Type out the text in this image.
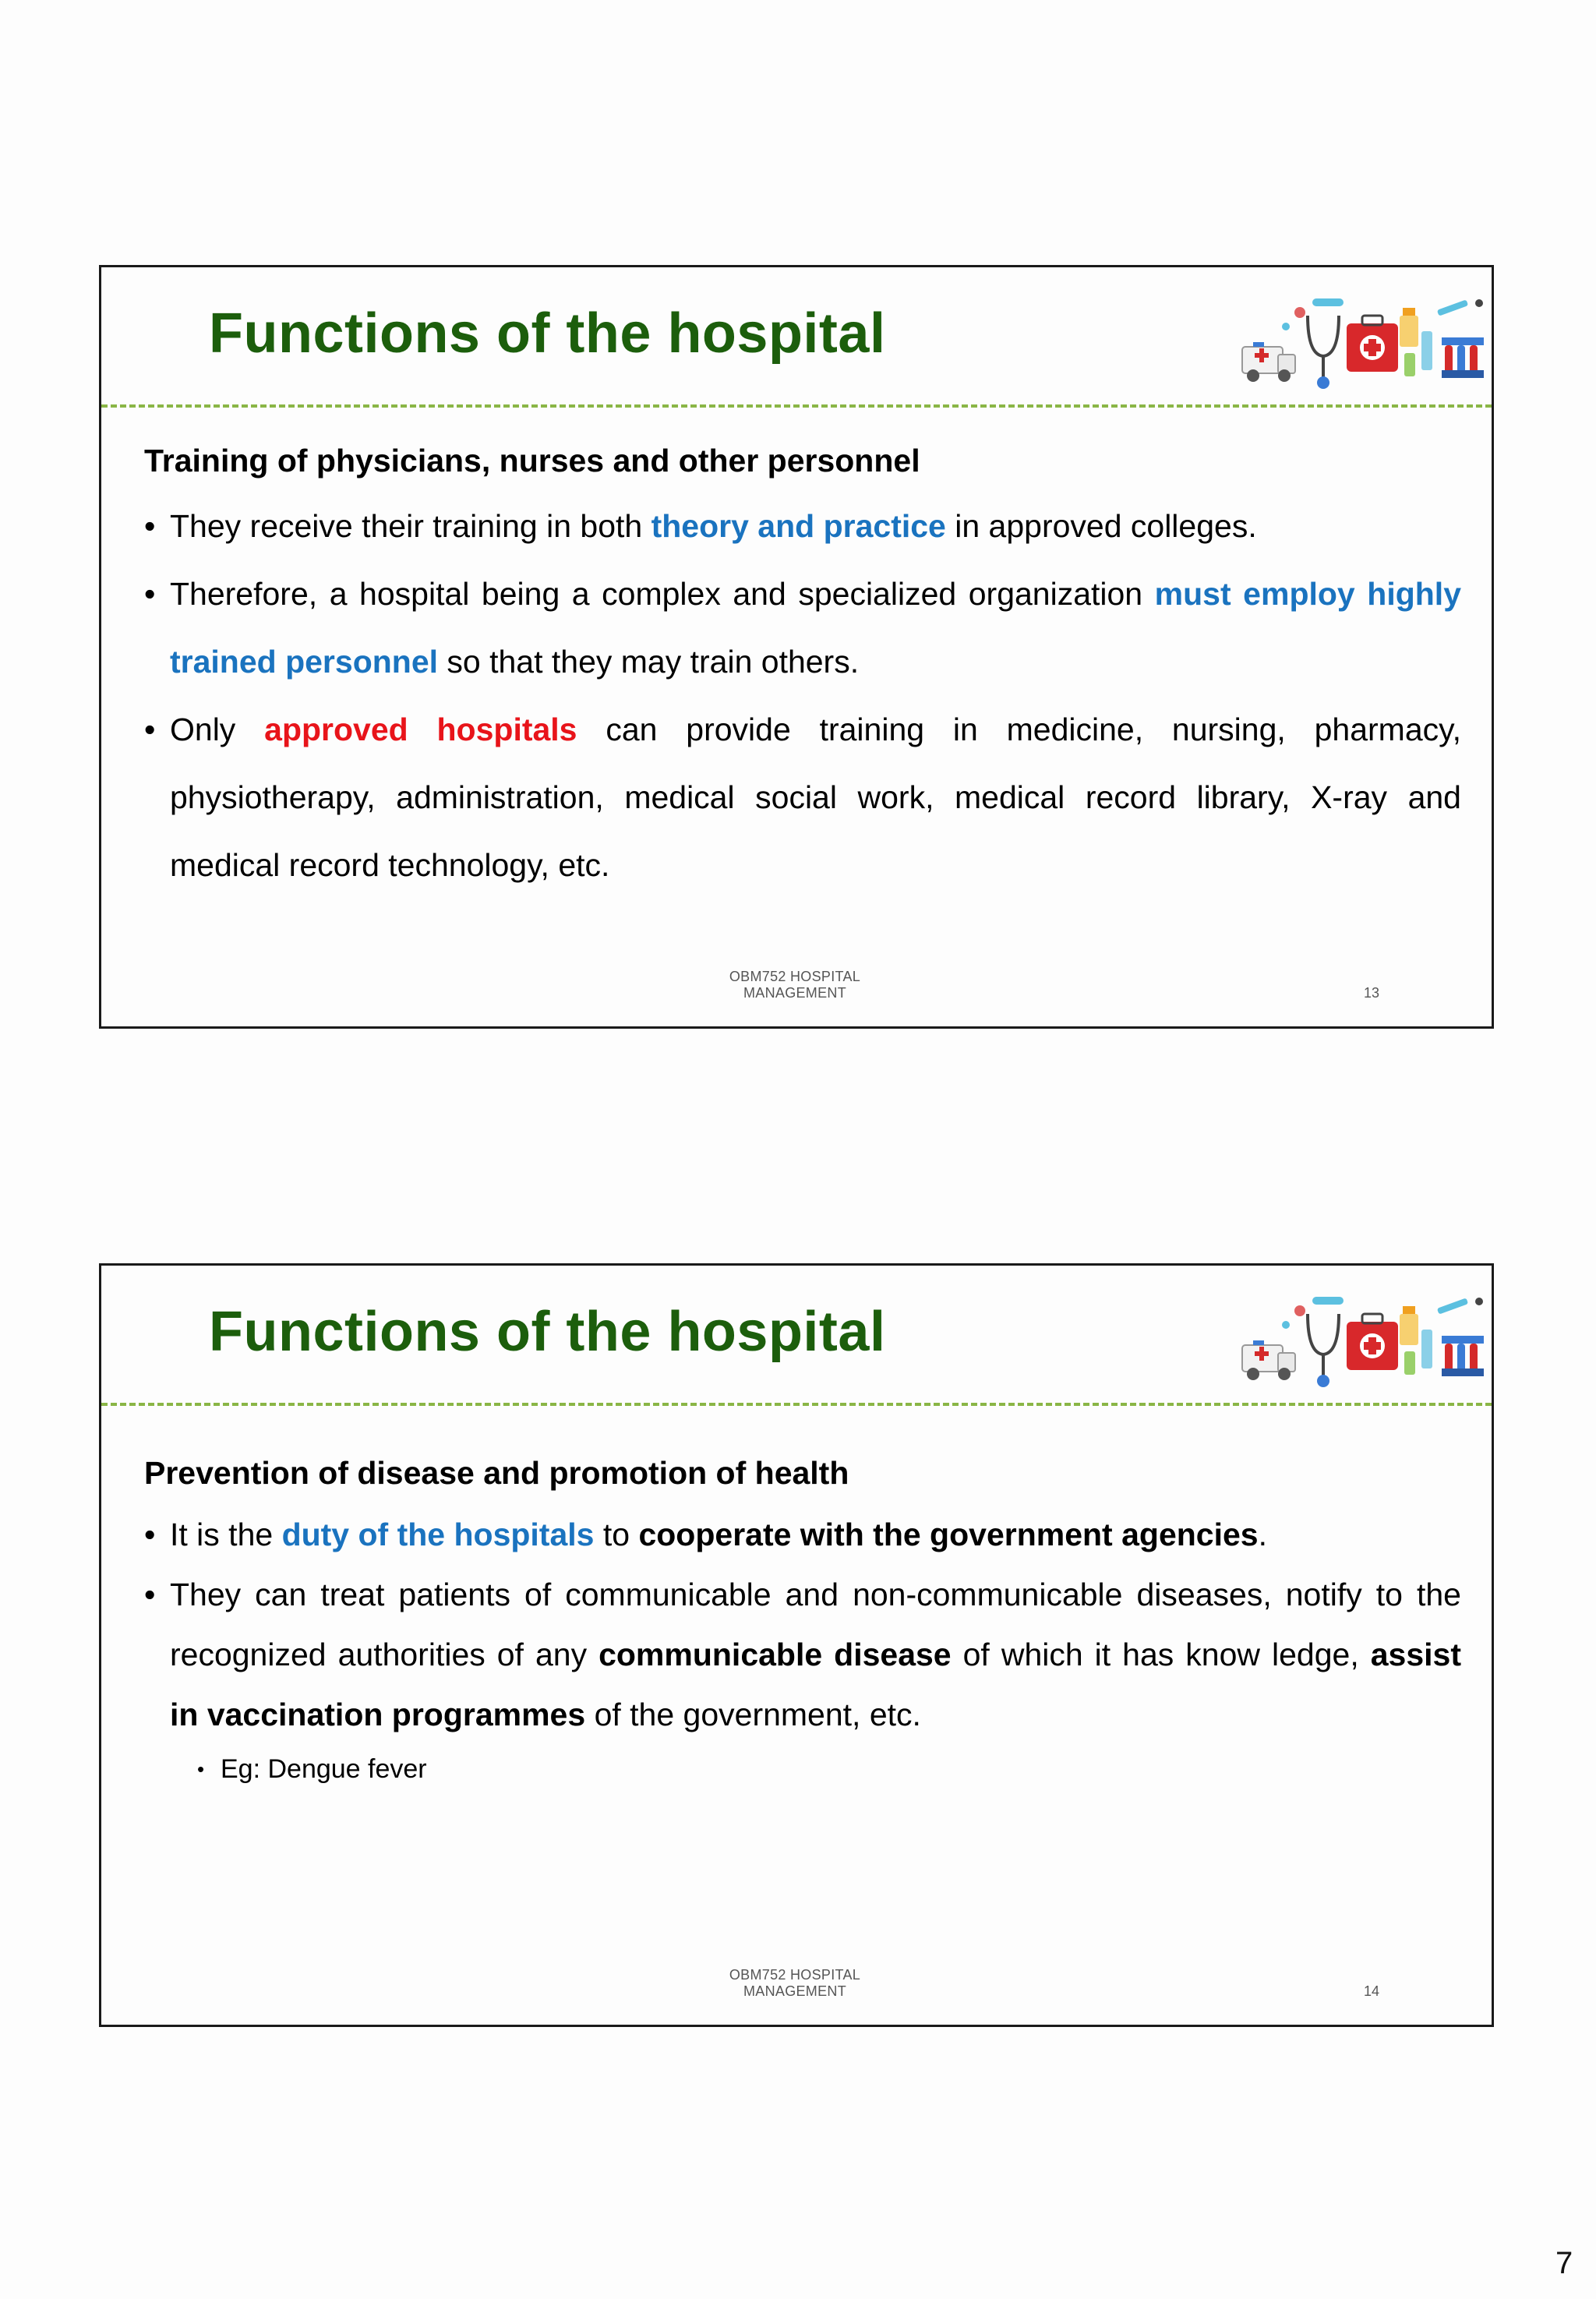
Functions of the hospital

Training of physicians, nurses and other personnel

• They receive their training in both theory and practice in approved colleges.

• Therefore, a hospital being a complex and specialized organization must employ highly trained personnel so that they may train others.

• Only approved hospitals can provide training in medicine, nursing, pharmacy, physiotherapy, administration, medical social work, medical record library, X-ray and medical record technology, etc.

OBM752 HOSPITAL MANAGEMENT	13
Functions of the hospital

Prevention of disease and promotion of health

• It is the duty of the hospitals to cooperate with the government agencies.

• They can treat patients of communicable and non-communicable diseases, notify to the recognized authorities of any communicable disease of which it has know ledge, assist in vaccination programmes of the government, etc.

• Eg: Dengue fever

OBM752 HOSPITAL MANAGEMENT	14
7
